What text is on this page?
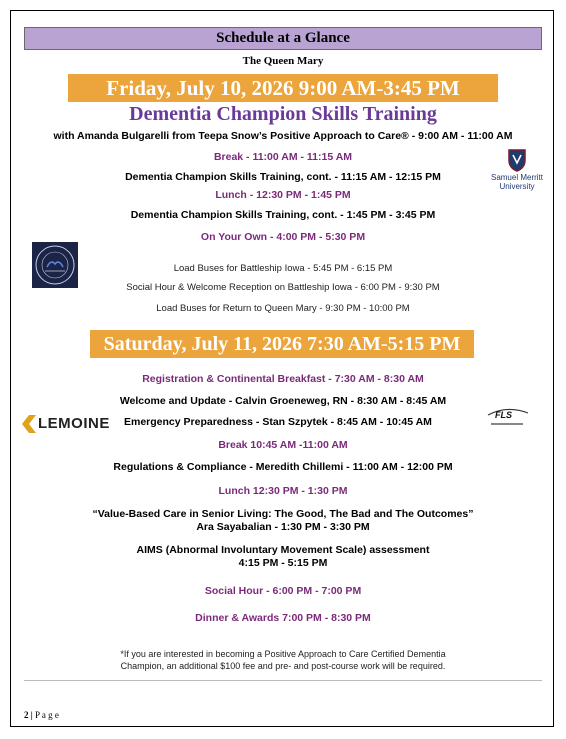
Schedule at a Glance
The Queen Mary
Friday, July 10, 2026 9:00 AM-3:45 PM
Dementia Champion Skills Training
with Amanda Bulgarelli from Teepa Snow’s Positive Approach to Care® - 9:00 AM - 11:00 AM
Break - 11:00 AM - 11:15 AM
Dementia Champion Skills Training, cont. - 11:15 AM - 12:15 PM
Lunch - 12:30 PM - 1:45 PM
Dementia Champion Skills Training, cont. - 1:45 PM - 3:45 PM
On Your Own - 4:00 PM - 5:30 PM
Load Buses for Battleship Iowa - 5:45 PM - 6:15 PM
Social Hour & Welcome Reception on Battleship Iowa - 6:00 PM - 9:30 PM
Load Buses for Return to Queen Mary - 9:30 PM - 10:00 PM
Samuel Merritt
University
Saturday, July 11, 2026 7:30 AM-5:15 PM
Registration & Continental Breakfast - 7:30 AM - 8:30 AM
Welcome and Update - Calvin Groeneweg, RN - 8:30 AM - 8:45 AM
Emergency Preparedness - Stan Szpytek - 8:45 AM - 10:45 AM
Break 10:45 AM -11:00 AM
Regulations & Compliance - Meredith Chillemi - 11:00 AM - 12:00 PM
Lunch 12:30 PM - 1:30 PM
“Value-Based Care in Senior Living: The Good, The Bad and The Outcomes”
Ara Sayabalian - 1:30 PM - 3:30 PM
AIMS (Abnormal Involuntary Movement Scale) assessment
4:15 PM - 5:15 PM
Social Hour - 6:00 PM - 7:00 PM
Dinner & Awards 7:00 PM - 8:30 PM
LEMOINE	FLS
*If you are interested in becoming a Positive Approach to Care Certified Dementia
Champion, an additional $100 fee and pre- and post-course work will be required.
2 | P a g e
